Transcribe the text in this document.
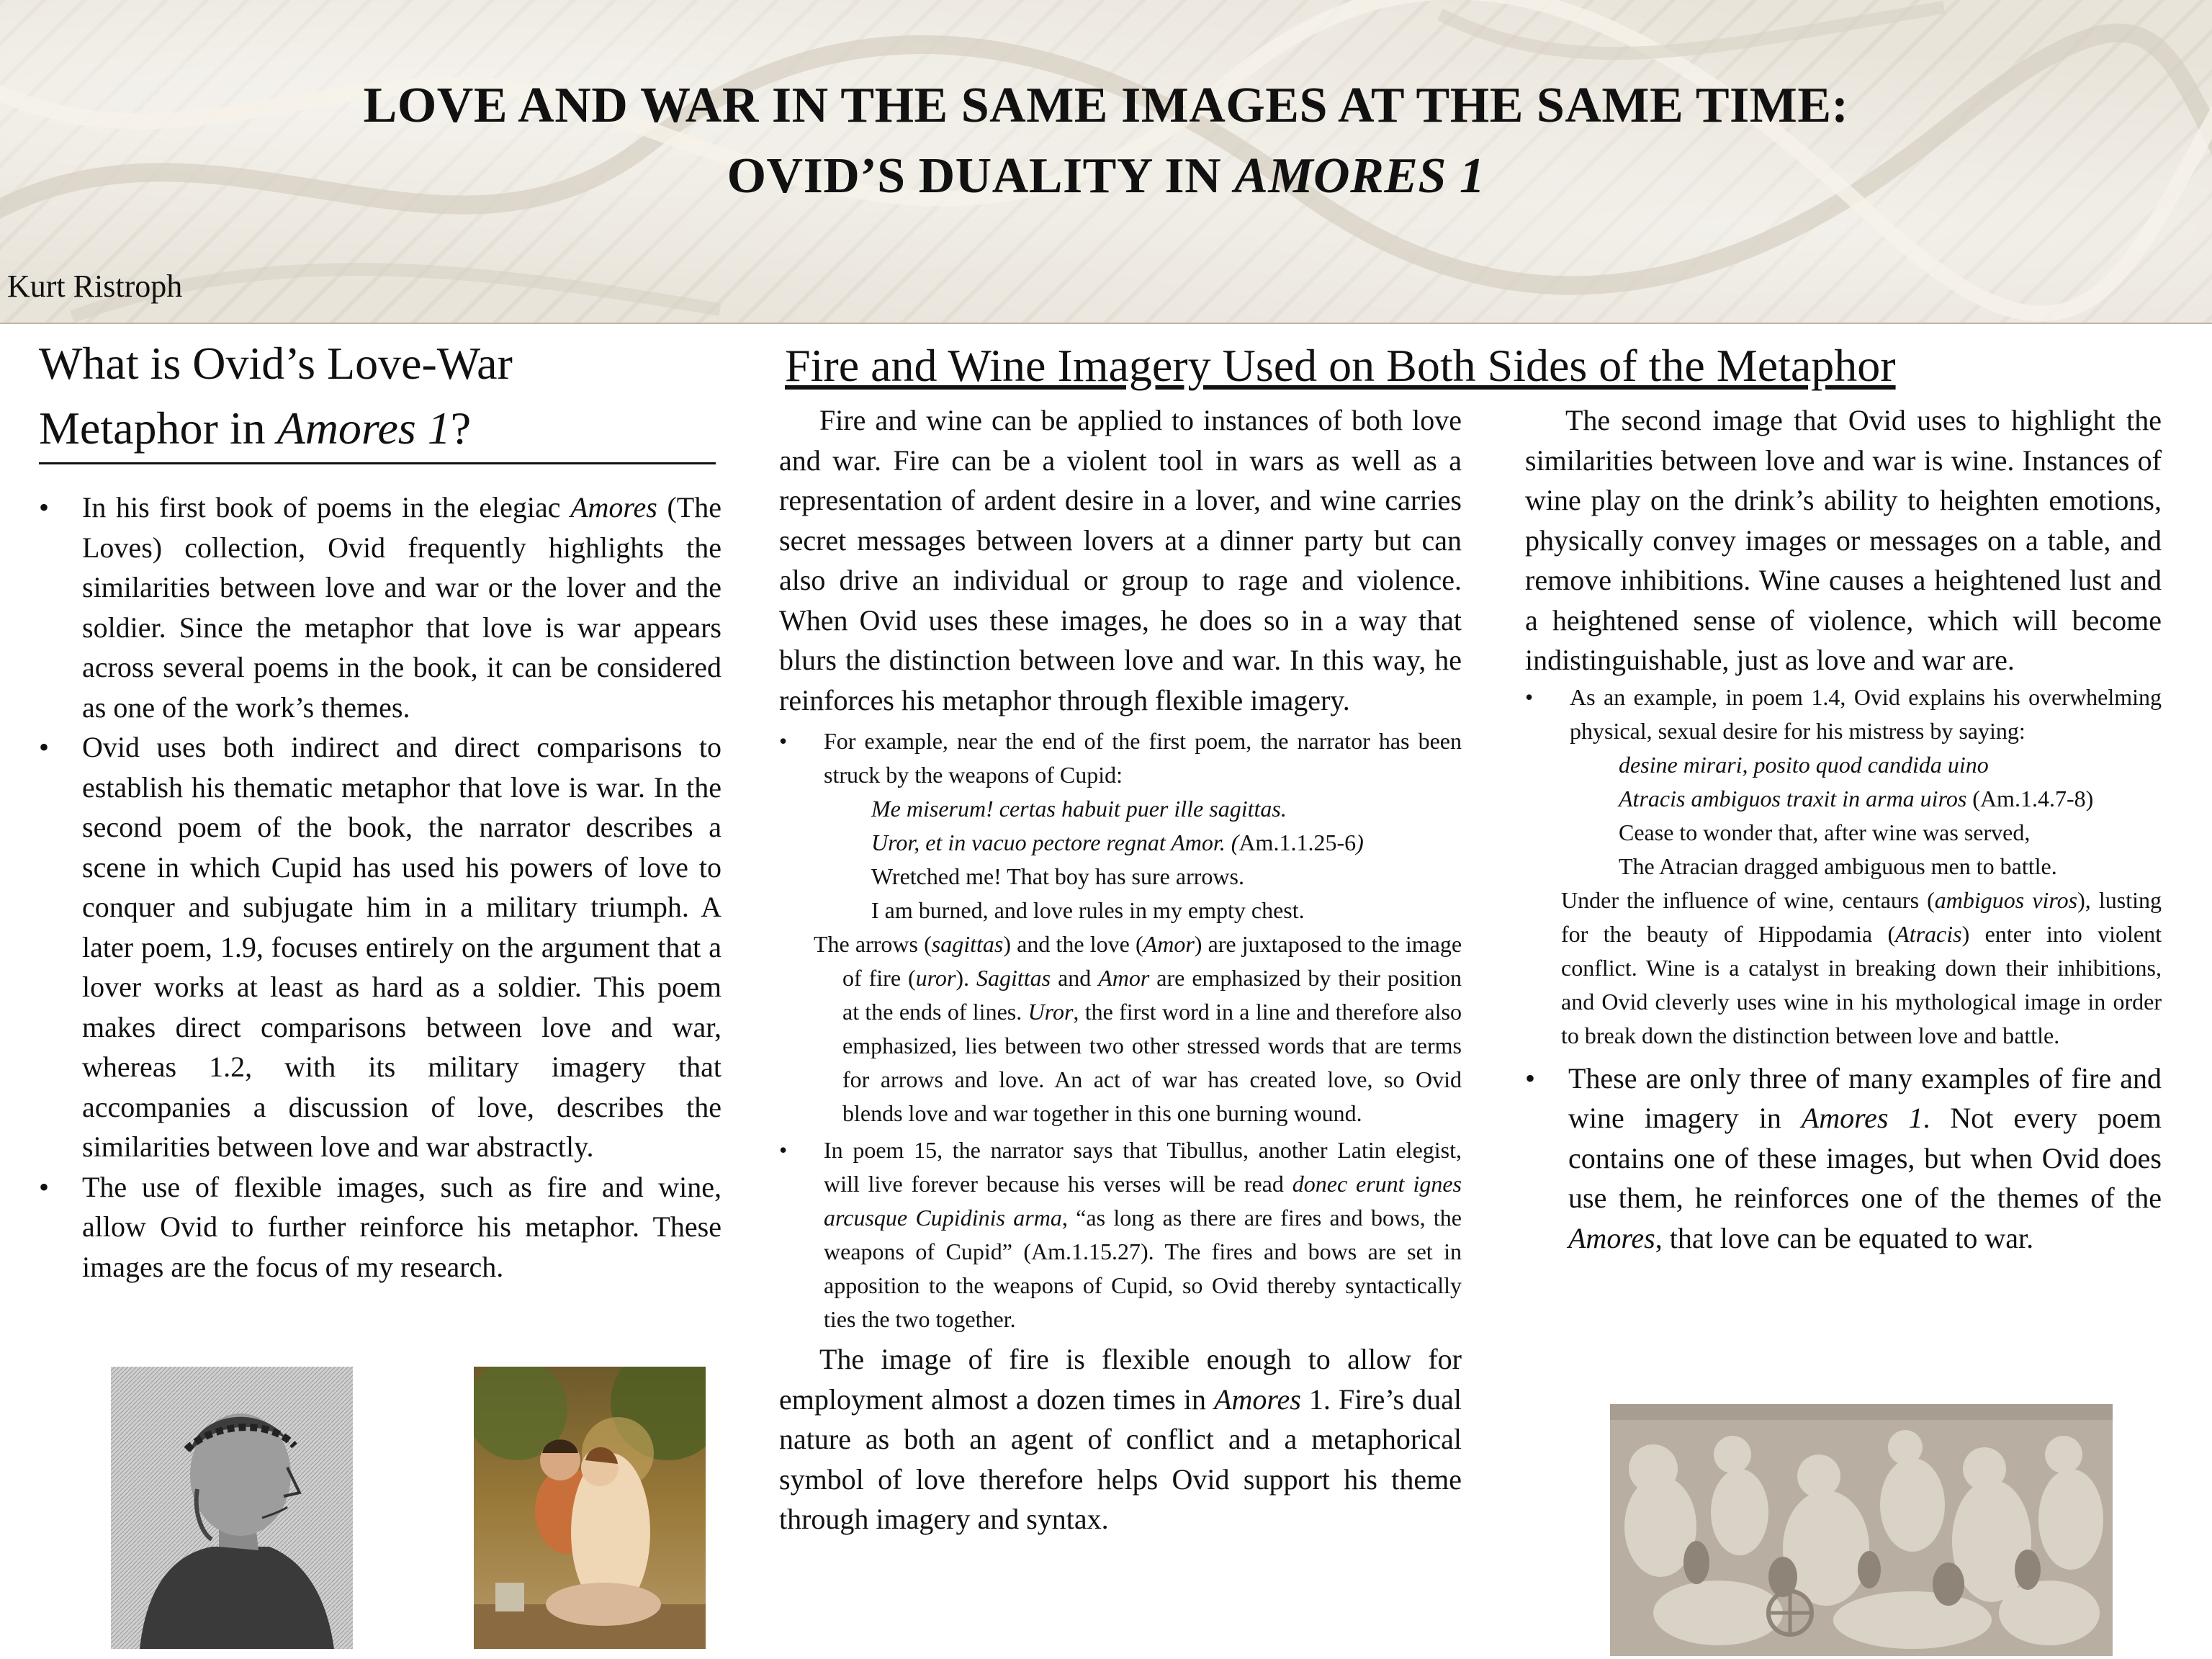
LOVE AND WAR IN THE SAME IMAGES AT THE SAME TIME:
OVID’S DUALITY IN AMORES 1
Kurt Ristroph
What is Ovid’s Love-War
Metaphor in Amores 1?
• In his first book of poems in the elegiac Amores (The Loves) collection, Ovid frequently highlights the similarities between love and war or the lover and the soldier. Since the metaphor that love is war appears across several poems in the book, it can be considered as one of the work’s themes.
• Ovid uses both indirect and direct comparisons to establish his thematic metaphor that love is war. In the second poem of the book, the narrator describes a scene in which Cupid has used his powers of love to conquer and subjugate him in a military triumph. A later poem, 1.9, focuses entirely on the argument that a lover works at least as hard as a soldier. This poem makes direct comparisons between love and war, whereas 1.2, with its military imagery that accompanies a discussion of love, describes the similarities between love and war abstractly.
• The use of flexible images, such as fire and wine, allow Ovid to further reinforce his metaphor. These images are the focus of my research.
Fire and Wine Imagery Used on Both Sides of the Metaphor

Fire and wine can be applied to instances of both love and war. Fire can be a violent tool in wars as well as a representation of ardent desire in a lover, and wine carries secret messages between lovers at a dinner party but can also drive an individual or group to rage and violence. When Ovid uses these images, he does so in a way that blurs the distinction between love and war. In this way, he reinforces his metaphor through flexible imagery.

• For example, near the end of the first poem, the narrator has been struck by the weapons of Cupid:
Me miserum! certas habuit puer ille sagittas.
Uror, et in vacuo pectore regnat Amor. (Am.1.1.25-6)
Wretched me! That boy has sure arrows.
I am burned, and love rules in my empty chest.

The arrows (sagittas) and the love (Amor) are juxtaposed to the image of fire (uror). Sagittas and Amor are emphasized by their position at the ends of lines. Uror, the first word in a line and therefore also emphasized, lies between two other stressed words that are terms for arrows and love. An act of war has created love, so Ovid blends love and war together in this one burning wound.

• In poem 15, the narrator says that Tibullus, another Latin elegist, will live forever because his verses will be read donec erunt ignes arcusque Cupidinis arma, “as long as there are fires and bows, the weapons of Cupid” (Am.1.15.27). The fires and bows are set in apposition to the weapons of Cupid, so Ovid thereby syntactically ties the two together.

The image of fire is flexible enough to allow for employment almost a dozen times in Amores 1. Fire’s dual nature as both an agent of conflict and a metaphorical symbol of love therefore helps Ovid support his theme through imagery and syntax.

The second image that Ovid uses to highlight the similarities between love and war is wine. Instances of wine play on the drink’s ability to heighten emotions, physically convey images or messages on a table, and remove inhibitions. Wine causes a heightened lust and a heightened sense of violence, which will become indistinguishable, just as love and war are.

• As an example, in poem 1.4, Ovid explains his overwhelming physical, sexual desire for his mistress by saying:
desine mirari, posito quod candida uino
Atracis ambiguos traxit in arma uiros (Am.1.4.7-8)
Cease to wonder that, after wine was served,
The Atracian dragged ambiguous men to battle.

Under the influence of wine, centaurs (ambiguos viros), lusting for the beauty of Hippodamia (Atracis) enter into violent conflict. Wine is a catalyst in breaking down their inhibitions, and Ovid cleverly uses wine in his mythological image in order to break down the distinction between love and battle.

• These are only three of many examples of fire and wine imagery in Amores 1. Not every poem contains one of these images, but when Ovid does use them, he reinforces one of the themes of the Amores, that love can be equated to war.
